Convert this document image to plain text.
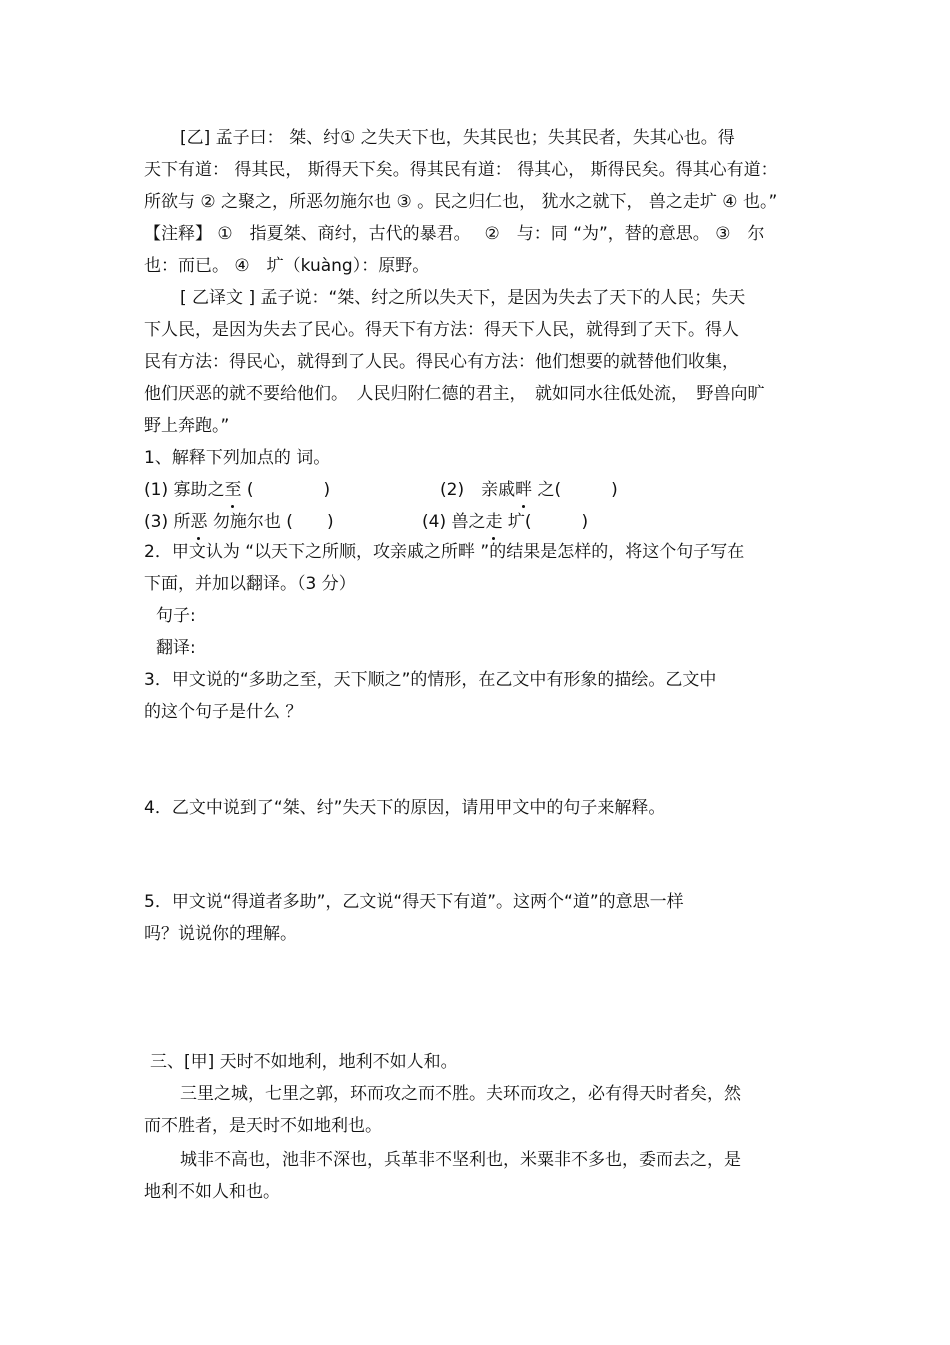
[乙] 孟子曰： 桀、纣① 之失天下也，失其民也；失其民者，失其心也。得
天下有道： 得其民， 斯得天下矣。得其民有道： 得其心， 斯得民矣。得其心有道：
所欲与 ② 之聚之，所恶勿施尔也 ③ 。民之归仁也， 犹水之就下， 兽之走圹 ④ 也。”
【注释】 ①　指夏桀、商纣，古代的暴君。　 ②　与：同 “为”，替的意思。 ③　尔
也：而已。 ④　圹（kuàng）：原野。
[ 乙译文 ] 孟子说：“桀、纣之所以失天下，是因为失去了天下的人民；失天
下人民，是因为失去了民心。得天下有方法：得天下人民，就得到了天下。得人
民有方法：得民心，就得到了人民。得民心有方法：他们想要的就替他们收集，
他们厌恶的就不要给他们。　人民归附仁德的君主，　就如同水往低处流，　野兽向旷
野上奔跑。”
1、解释下列加点的 词。
(1) 寡助之至 (	)	(2)　亲戚畔 之(	)
(3) 所恶 勿施尔也 ( )	(4) 兽之走 圹(	)
2．甲文认为 “以天下之所顺，攻亲戚之所畔 ”的结果是怎样的，将这个句子写在
下面，并加以翻译。（3 分）
句子:
翻译:
3．甲文说的“多助之至，天下顺之”的情形，在乙文中有形象的描绘。乙文中
的这个句子是什么 ？
4．乙文中说到了“桀、纣”失天下的原因，请用甲文中的句子来解释。
5．甲文说“得道者多助”，乙文说“得天下有道”。这两个“道”的意思一样
吗？说说你的理解。
三、[甲] 天时不如地利，地利不如人和。
三里之城，七里之郭，环而攻之而不胜。夫环而攻之，必有得天时者矣，然
而不胜者，是天时不如地利也。
城非不高也，池非不深也，兵革非不坚利也，米粟非不多也，委而去之，是
地利不如人和也。
